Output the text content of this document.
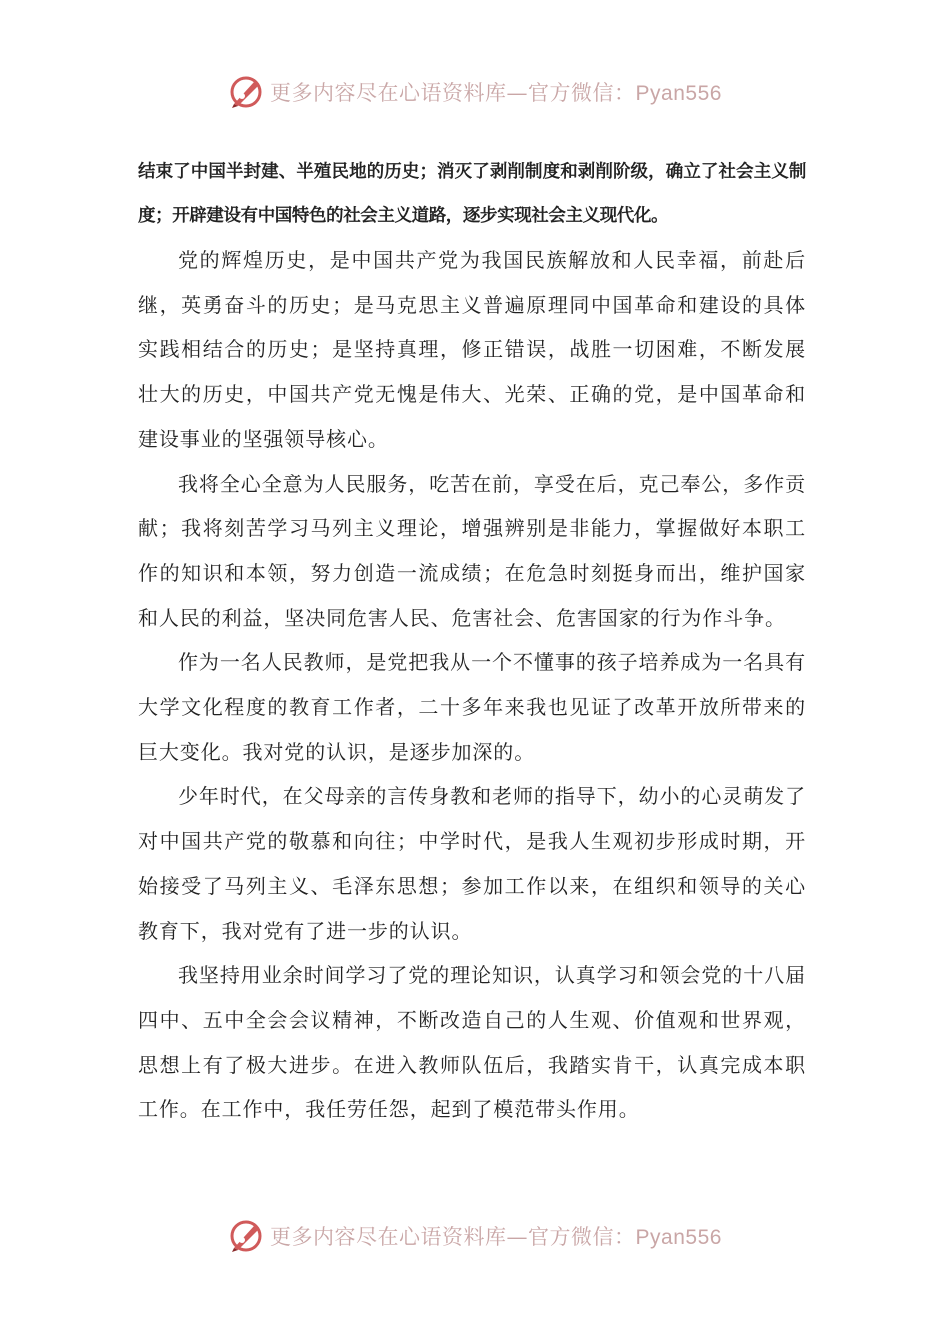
更多内容尽在心语资料库—官方微信：Pyan556

结束了中国半封建、半殖民地的历史；消灭了剥削制度和剥削阶级，确立了社会主义制度；开辟建设有中国特色的社会主义道路，逐步实现社会主义现代化。

党的辉煌历史，是中国共产党为我国民族解放和人民幸福，前赴后继，英勇奋斗的历史；是马克思主义普遍原理同中国革命和建设的具体实践相结合的历史；是坚持真理，修正错误，战胜一切困难，不断发展壮大的历史，中国共产党无愧是伟大、光荣、正确的党，是中国革命和建设事业的坚强领导核心。

我将全心全意为人民服务，吃苦在前，享受在后，克己奉公，多作贡献；我将刻苦学习马列主义理论，增强辨别是非能力，掌握做好本职工作的知识和本领，努力创造一流成绩；在危急时刻挺身而出，维护国家和人民的利益，坚决同危害人民、危害社会、危害国家的行为作斗争。

作为一名人民教师，是党把我从一个不懂事的孩子培养成为一名具有大学文化程度的教育工作者，二十多年来我也见证了改革开放所带来的巨大变化。我对党的认识，是逐步加深的。

少年时代，在父母亲的言传身教和老师的指导下，幼小的心灵萌发了对中国共产党的敬慕和向往；中学时代，是我人生观初步形成时期，开始接受了马列主义、毛泽东思想；参加工作以来，在组织和领导的关心教育下，我对党有了进一步的认识。

我坚持用业余时间学习了党的理论知识，认真学习和领会党的十八届四中、五中全会会议精神，不断改造自己的人生观、价值观和世界观，思想上有了极大进步。在进入教师队伍后，我踏实肯干，认真完成本职工作。在工作中，我任劳任怨，起到了模范带头作用。

更多内容尽在心语资料库—官方微信：Pyan556
